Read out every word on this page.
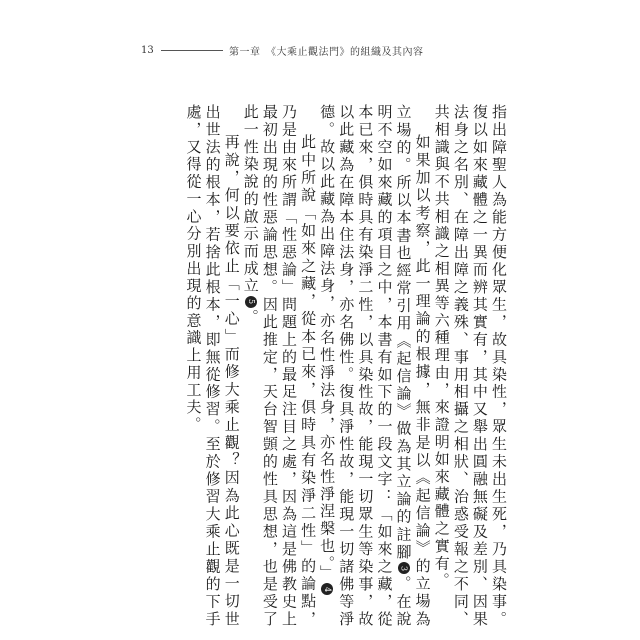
13	第一章　《大乘止觀法門》的組織及其內容

指出障聖人為能方便化眾生，故具染性，眾生未出生死，乃具染事。復以如來藏體之一異而辨其實有，其中又舉出圓融無礙及差別、因果法身之名別、在障出障之義殊、事用相攝之相狀、治惑受報之不同、共相識與不共相識之相異等六種理由，來證明如來藏體之實有。

如果加以考察，此一理論的根據，無非是以《起信論》的立場為立場的。所以本書也經常引用《起信論》做為其立論的註腳3。在說明不空如來藏的項目之中，本書有如下的一段文字：「如來之藏，從本已來，俱時具有染淨二性，以具染性故，能現一切眾生等染事，故以此藏為在障本住法身，亦名佛性。復具淨性故，能現一切諸佛等淨德。故以此藏為出障法身，亦名性淨法身，亦名性淨涅槃也。」4

此中所說「如來之藏，從本已來，俱時具有染淨二性」的論點，乃是由來所謂「性惡論」問題上的最足注目之處，因為這是佛教史上最初出現的性惡論思想。因此推定，天台智顗的性具思想，也是受了此一性染說的啟示而成立5。

再說，何以要依止「一心」而修大乘止觀？因為此心既是一切世出世法的根本，若捨此根本，即無從修習。至於修習大乘止觀的下手處，又得從一心分別出現的意識上用工夫。
